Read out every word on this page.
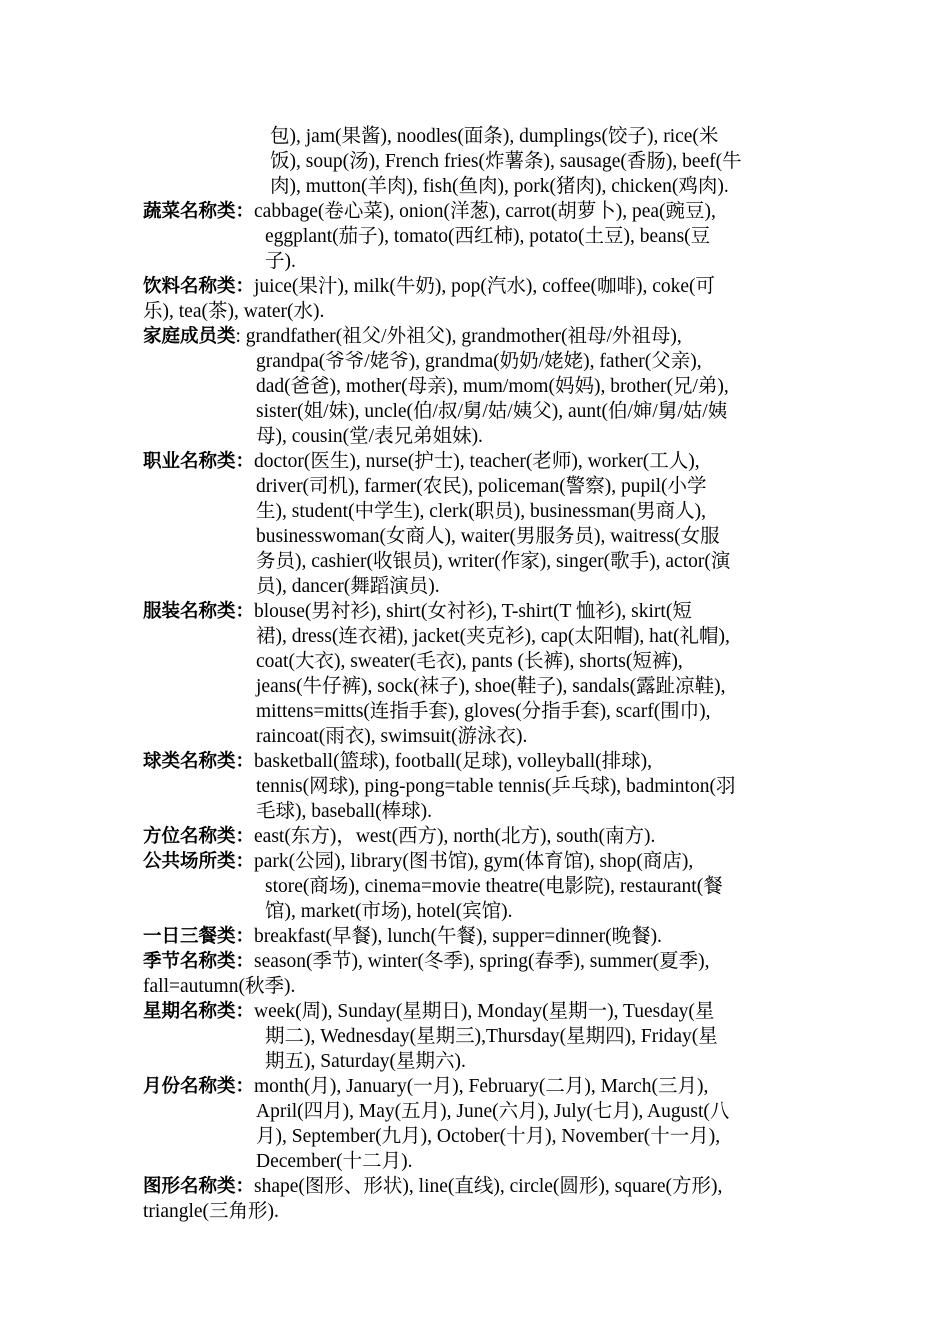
包), jam(果酱), noodles(面条), dumplings(饺子), rice(米
饭), soup(汤), French fries(炸薯条), sausage(香肠), beef(牛
肉), mutton(羊肉), fish(鱼肉), pork(猪肉), chicken(鸡肉).
蔬菜名称类：cabbage(卷心菜), onion(洋葱), carrot(胡萝卜), pea(豌豆),
eggplant(茄子), tomato(西红柿), potato(土豆), beans(豆
子).
饮料名称类：juice(果汁), milk(牛奶), pop(汽水), coffee(咖啡), coke(可
乐), tea(茶), water(水).
家庭成员类: grandfather(祖父/外祖父), grandmother(祖母/外祖母),
grandpa(爷爷/姥爷), grandma(奶奶/姥姥), father(父亲),
dad(爸爸), mother(母亲), mum/mom(妈妈), brother(兄/弟),
sister(姐/妹), uncle(伯/叔/舅/姑/姨父), aunt(伯/婶/舅/姑/姨
母), cousin(堂/表兄弟姐妹).
职业名称类：doctor(医生), nurse(护士), teacher(老师), worker(工人),
driver(司机), farmer(农民), policeman(警察), pupil(小学
生), student(中学生), clerk(职员), businessman(男商人),
businesswoman(女商人), waiter(男服务员), waitress(女服
务员), cashier(收银员), writer(作家), singer(歌手), actor(演
员), dancer(舞蹈演员).
服装名称类：blouse(男衬衫), shirt(女衬衫), T-shirt(T 恤衫), skirt(短
裙), dress(连衣裙), jacket(夹克衫), cap(太阳帽), hat(礼帽),
coat(大衣), sweater(毛衣), pants (长裤), shorts(短裤),
jeans(牛仔裤), sock(袜子), shoe(鞋子), sandals(露趾凉鞋),
mittens=mitts(连指手套), gloves(分指手套), scarf(围巾),
raincoat(雨衣), swimsuit(游泳衣).
球类名称类：basketball(篮球), football(足球), volleyball(排球),
tennis(网球), ping-pong=table tennis(乒乓球), badminton(羽
毛球), baseball(棒球).
方位名称类：east(东方)，west(西方), north(北方), south(南方).
公共场所类：park(公园), library(图书馆), gym(体育馆), shop(商店),
store(商场), cinema=movie theatre(电影院), restaurant(餐
馆), market(市场), hotel(宾馆).
一日三餐类：breakfast(早餐), lunch(午餐), supper=dinner(晚餐).
季节名称类：season(季节), winter(冬季), spring(春季), summer(夏季),
fall=autumn(秋季).
星期名称类：week(周), Sunday(星期日), Monday(星期一), Tuesday(星
期二), Wednesday(星期三),Thursday(星期四), Friday(星
期五), Saturday(星期六).
月份名称类：month(月), January(一月), February(二月), March(三月),
April(四月), May(五月), June(六月), July(七月), August(八
月), September(九月), October(十月), November(十一月),
December(十二月).
图形名称类：shape(图形、形状), line(直线), circle(圆形), square(方形),
triangle(三角形).
